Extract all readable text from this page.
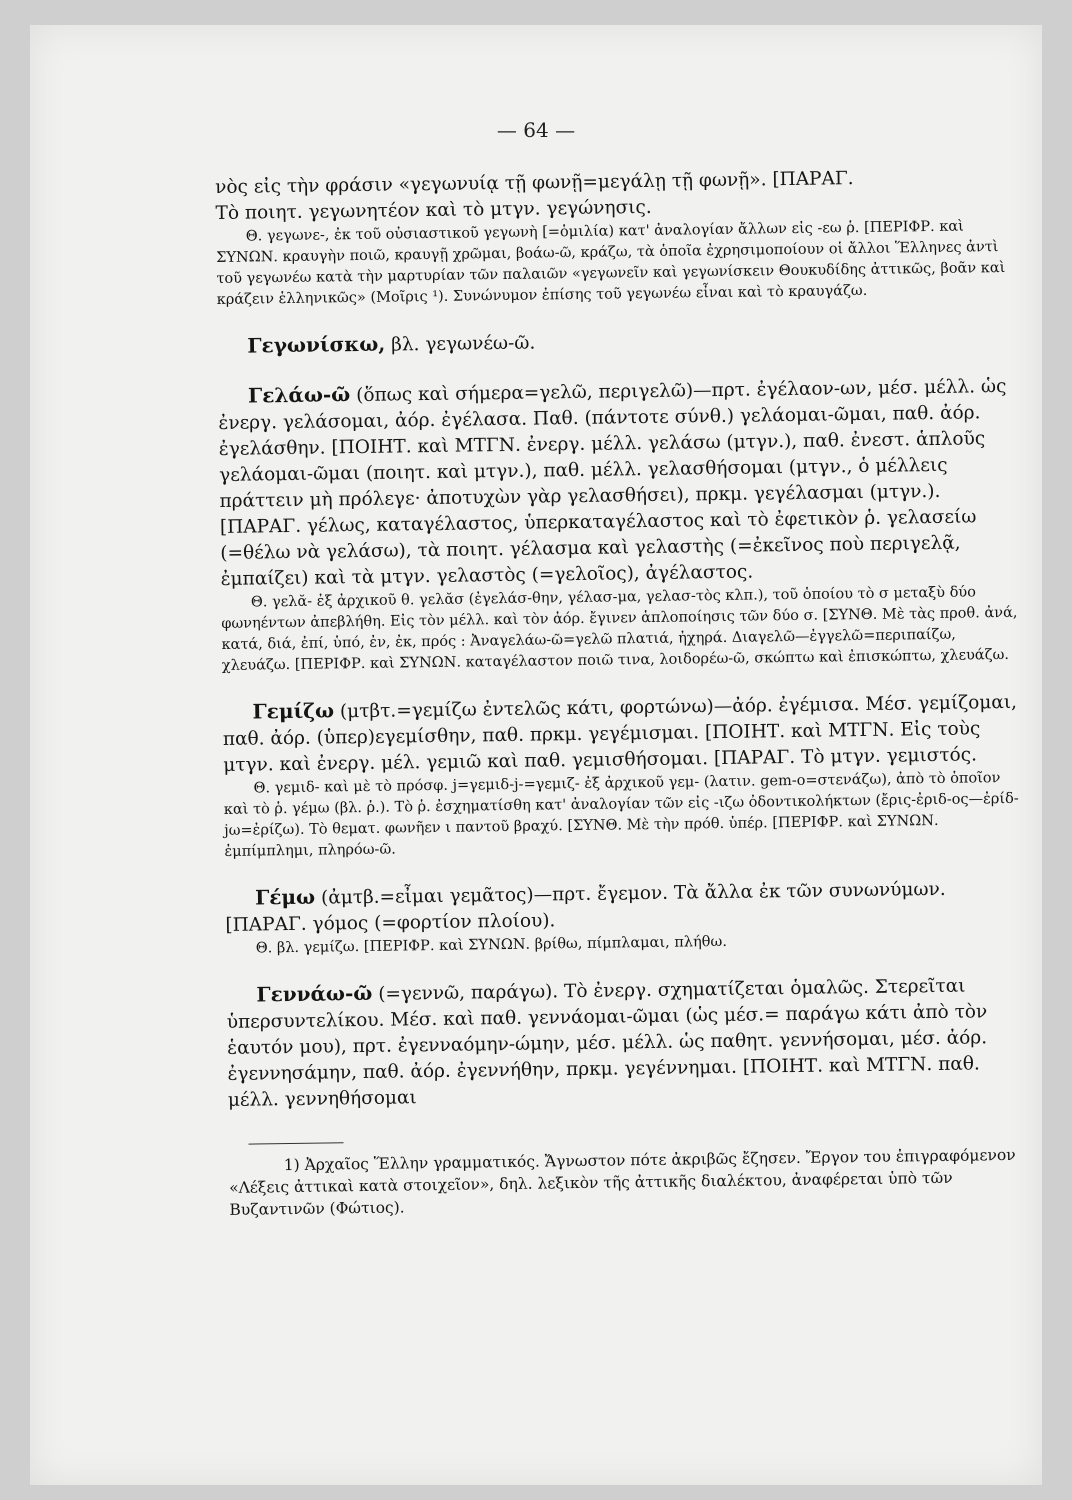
— 64 —

νὸς εἰς τὴν φράσιν «γεγωνυίᾳ τῇ φωνῇ=μεγάλῃ τῇ φωνῇ». [ΠΑΡΑΓ.

Τὸ ποιητ. γεγωνητέον καὶ τὸ μτγν. γεγώνησις.

Θ. γεγωνε-, ἐκ τοῦ οὐσιαστικοῦ γεγωνὴ [=ὁμιλία) κατ' ἀναλογίαν ἄλλων εἰς -εω ῥ. [ΠΕΡΙΦΡ. καὶ ΣΥΝΩΝ. κραυγὴν ποιῶ, κραυγῇ χρῶμαι, βοάω-ῶ, κράζω, τὰ ὁποῖα ἐχρησιμοποίουν οἱ ἄλλοι Ἕλληνες ἀντὶ τοῦ γεγωνέω κατὰ τὴν μαρτυρίαν τῶν παλαιῶν «γεγωνεῖν καὶ γεγωνίσκειν Θουκυδίδης ἀττικῶς, βοᾶν καὶ κράζειν ἑλληνικῶς» (Μοῖρις ¹). Συνώνυμον ἐπίσης τοῦ γεγωνέω εἶναι καὶ τὸ κραυγάζω.

Γεγωνίσκω, βλ. γεγωνέω-ῶ.

Γελάω-ῶ (ὅπως καὶ σήμερα=γελῶ, περιγελῶ)—πρτ. ἐγέλαον-ων, μέσ. μέλλ. ὡς ἐνεργ. γελάσομαι, ἀόρ. ἐγέλασα. Παθ. (πάντοτε σύνθ.) γελάομαι-ῶμαι, παθ. ἀόρ. ἐγελάσθην. [ΠΟΙΗΤ. καὶ ΜΤΓΝ. ἐνεργ. μέλλ. γελάσω (μτγν.), παθ. ἐνεστ. ἁπλοῦς γελάομαι-ῶμαι (ποιητ. καὶ μτγν.), παθ. μέλλ. γελασθήσομαι (μτγν., ὁ μέλλεις πράττειν μὴ πρόλεγε· ἀποτυχὼν γὰρ γελασθήσει), πρκμ. γεγέλασμαι (μτγν.). [ΠΑΡΑΓ. γέλως, καταγέλαστος, ὑπερκαταγέλαστος καὶ τὸ ἐφετικὸν ῥ. γελασείω (=θέλω νὰ γελάσω), τὰ ποιητ. γέλασμα καὶ γελαστὴς (=ἐκεῖνος ποὺ περιγελᾷ, ἐμπαίζει) καὶ τὰ μτγν. γελαστὸς (=γελοῖος), ἀγέλαστος.

Θ. γελᾰ- ἐξ ἀρχικοῦ θ. γελᾰσ (ἐγελάσ-θην, γέλασ-μα, γελασ-τὸς κλπ.), τοῦ ὁποίου τὸ σ μεταξὺ δύο φωνηέντων ἀπεβλήθη. Εἰς τὸν μέλλ. καὶ τὸν ἀόρ. ἔγινεν ἁπλοποίησις τῶν δύο σ. [ΣΥΝΘ. Μὲ τὰς προθ. ἀνά, κατά, διά, ἐπί, ὑπό, ἐν, ἐκ, πρός : Ἀναγελάω-ῶ=γελῶ πλατιά, ἠχηρά. Διαγελῶ—ἐγγελῶ=περιπαίζω, χλευάζω. [ΠΕΡΙΦΡ. καὶ ΣΥΝΩΝ. καταγέλαστον ποιῶ τινα, λοιδορέω-ῶ, σκώπτω καὶ ἐπισκώπτω, χλευάζω.

Γεμίζω (μτβτ.=γεμίζω ἐντελῶς κάτι, φορτώνω)—ἀόρ. ἐγέμισα. Μέσ. γεμίζομαι, παθ. ἀόρ. (ὑπερ)εγεμίσθην, παθ. πρκμ. γεγέμισμαι. [ΠΟΙΗΤ. καὶ ΜΤΓΝ. Εἰς τοὺς μτγν. καὶ ἐνεργ. μέλ. γεμιῶ καὶ παθ. γεμισθήσομαι. [ΠΑΡΑΓ. Τὸ μτγν. γεμιστός.

Θ. γεμιδ- καὶ μὲ τὸ πρόσφ. j=γεμιδ-j-=γεμιζ- ἐξ ἀρχικοῦ γεμ- (λατιν. gem-o=στενάζω), ἀπὸ τὸ ὁποῖον καὶ τὸ ῥ. γέμω (βλ. ῥ.). Τὸ ῥ. ἐσχηματίσθη κατ' ἀναλογίαν τῶν εἰς -ιζω ὀδοντικολήκτων (ἔρις-ἐριδ-ος—ἐρίδ-jω=ἐρίζω). Τὸ θεματ. φωνῆεν ι παντοῦ βραχύ. [ΣΥΝΘ. Μὲ τὴν πρόθ. ὑπέρ. [ΠΕΡΙΦΡ. καὶ ΣΥΝΩΝ. ἐμπίμπλημι, πληρόω-ῶ.

Γέμω (ἀμτβ.=εἶμαι γεμᾶτος)—πρτ. ἔγεμον. Τὰ ἄλλα ἐκ τῶν συνωνύμων. [ΠΑΡΑΓ. γόμος (=φορτίον πλοίου).

Θ. βλ. γεμίζω. [ΠΕΡΙΦΡ. καὶ ΣΥΝΩΝ. βρίθω, πίμπλαμαι, πλήθω.

Γεννάω-ῶ (=γεννῶ, παράγω). Τὸ ἐνεργ. σχηματίζεται ὁμαλῶς. Στερεῖται ὑπερσυντελίκου. Μέσ. καὶ παθ. γεννάομαι-ῶμαι (ὡς μέσ.= παράγω κάτι ἀπὸ τὸν ἑαυτόν μου), πρτ. ἐγενναόμην-ώμην, μέσ. μέλλ. ὡς παθητ. γεννήσομαι, μέσ. ἀόρ. ἐγεννησάμην, παθ. ἀόρ. ἐγεννήθην, πρκμ. γεγέννημαι. [ΠΟΙΗΤ. καὶ ΜΤΓΝ. παθ. μέλλ. γεννηθήσομαι

1) Ἀρχαῖος Ἕλλην γραμματικός. Ἄγνωστον πότε ἀκριβῶς ἔζησεν. Ἔργον του ἐπιγραφόμενον «Λέξεις ἀττικαὶ κατὰ στοιχεῖον», δηλ. λεξικὸν τῆς ἀττικῆς διαλέκτου, ἀναφέρεται ὑπὸ τῶν Βυζαντινῶν (Φώτιος).
